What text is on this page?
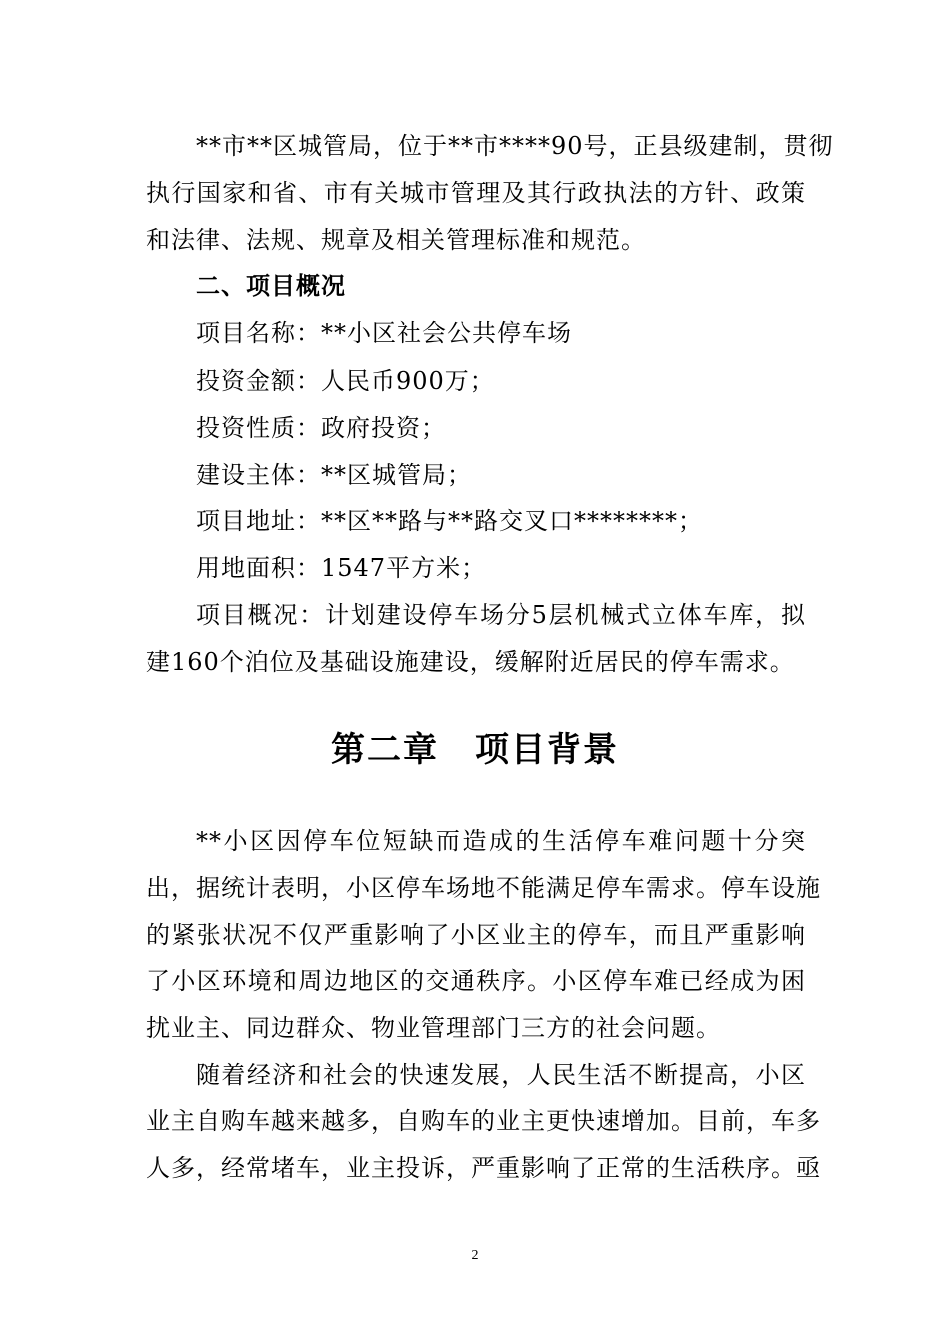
**市**区城管局，位于**市****90号，正县级建制，贯彻
执行国家和省、市有关城市管理及其行政执法的方针、政策
和法律、法规、规章及相关管理标准和规范。
二、项目概况
项目名称：**小区社会公共停车场
投资金额：人民币900万；
投资性质：政府投资；
建设主体：**区城管局；
项目地址：**区**路与**路交叉口********；
用地面积：1547平方米；
项目概况：计划建设停车场分5层机械式立体车库，拟
建160个泊位及基础设施建设，缓解附近居民的停车需求。
第二章　项目背景
**小区因停车位短缺而造成的生活停车难问题十分突
出，据统计表明，小区停车场地不能满足停车需求。停车设施
的紧张状况不仅严重影响了小区业主的停车，而且严重影响
了小区环境和周边地区的交通秩序。小区停车难已经成为困
扰业主、同边群众、物业管理部门三方的社会问题。
随着经济和社会的快速发展，人民生活不断提高，小区
业主自购车越来越多，自购车的业主更快速增加。目前，车多
人多，经常堵车，业主投诉，严重影响了正常的生活秩序。亟
2
